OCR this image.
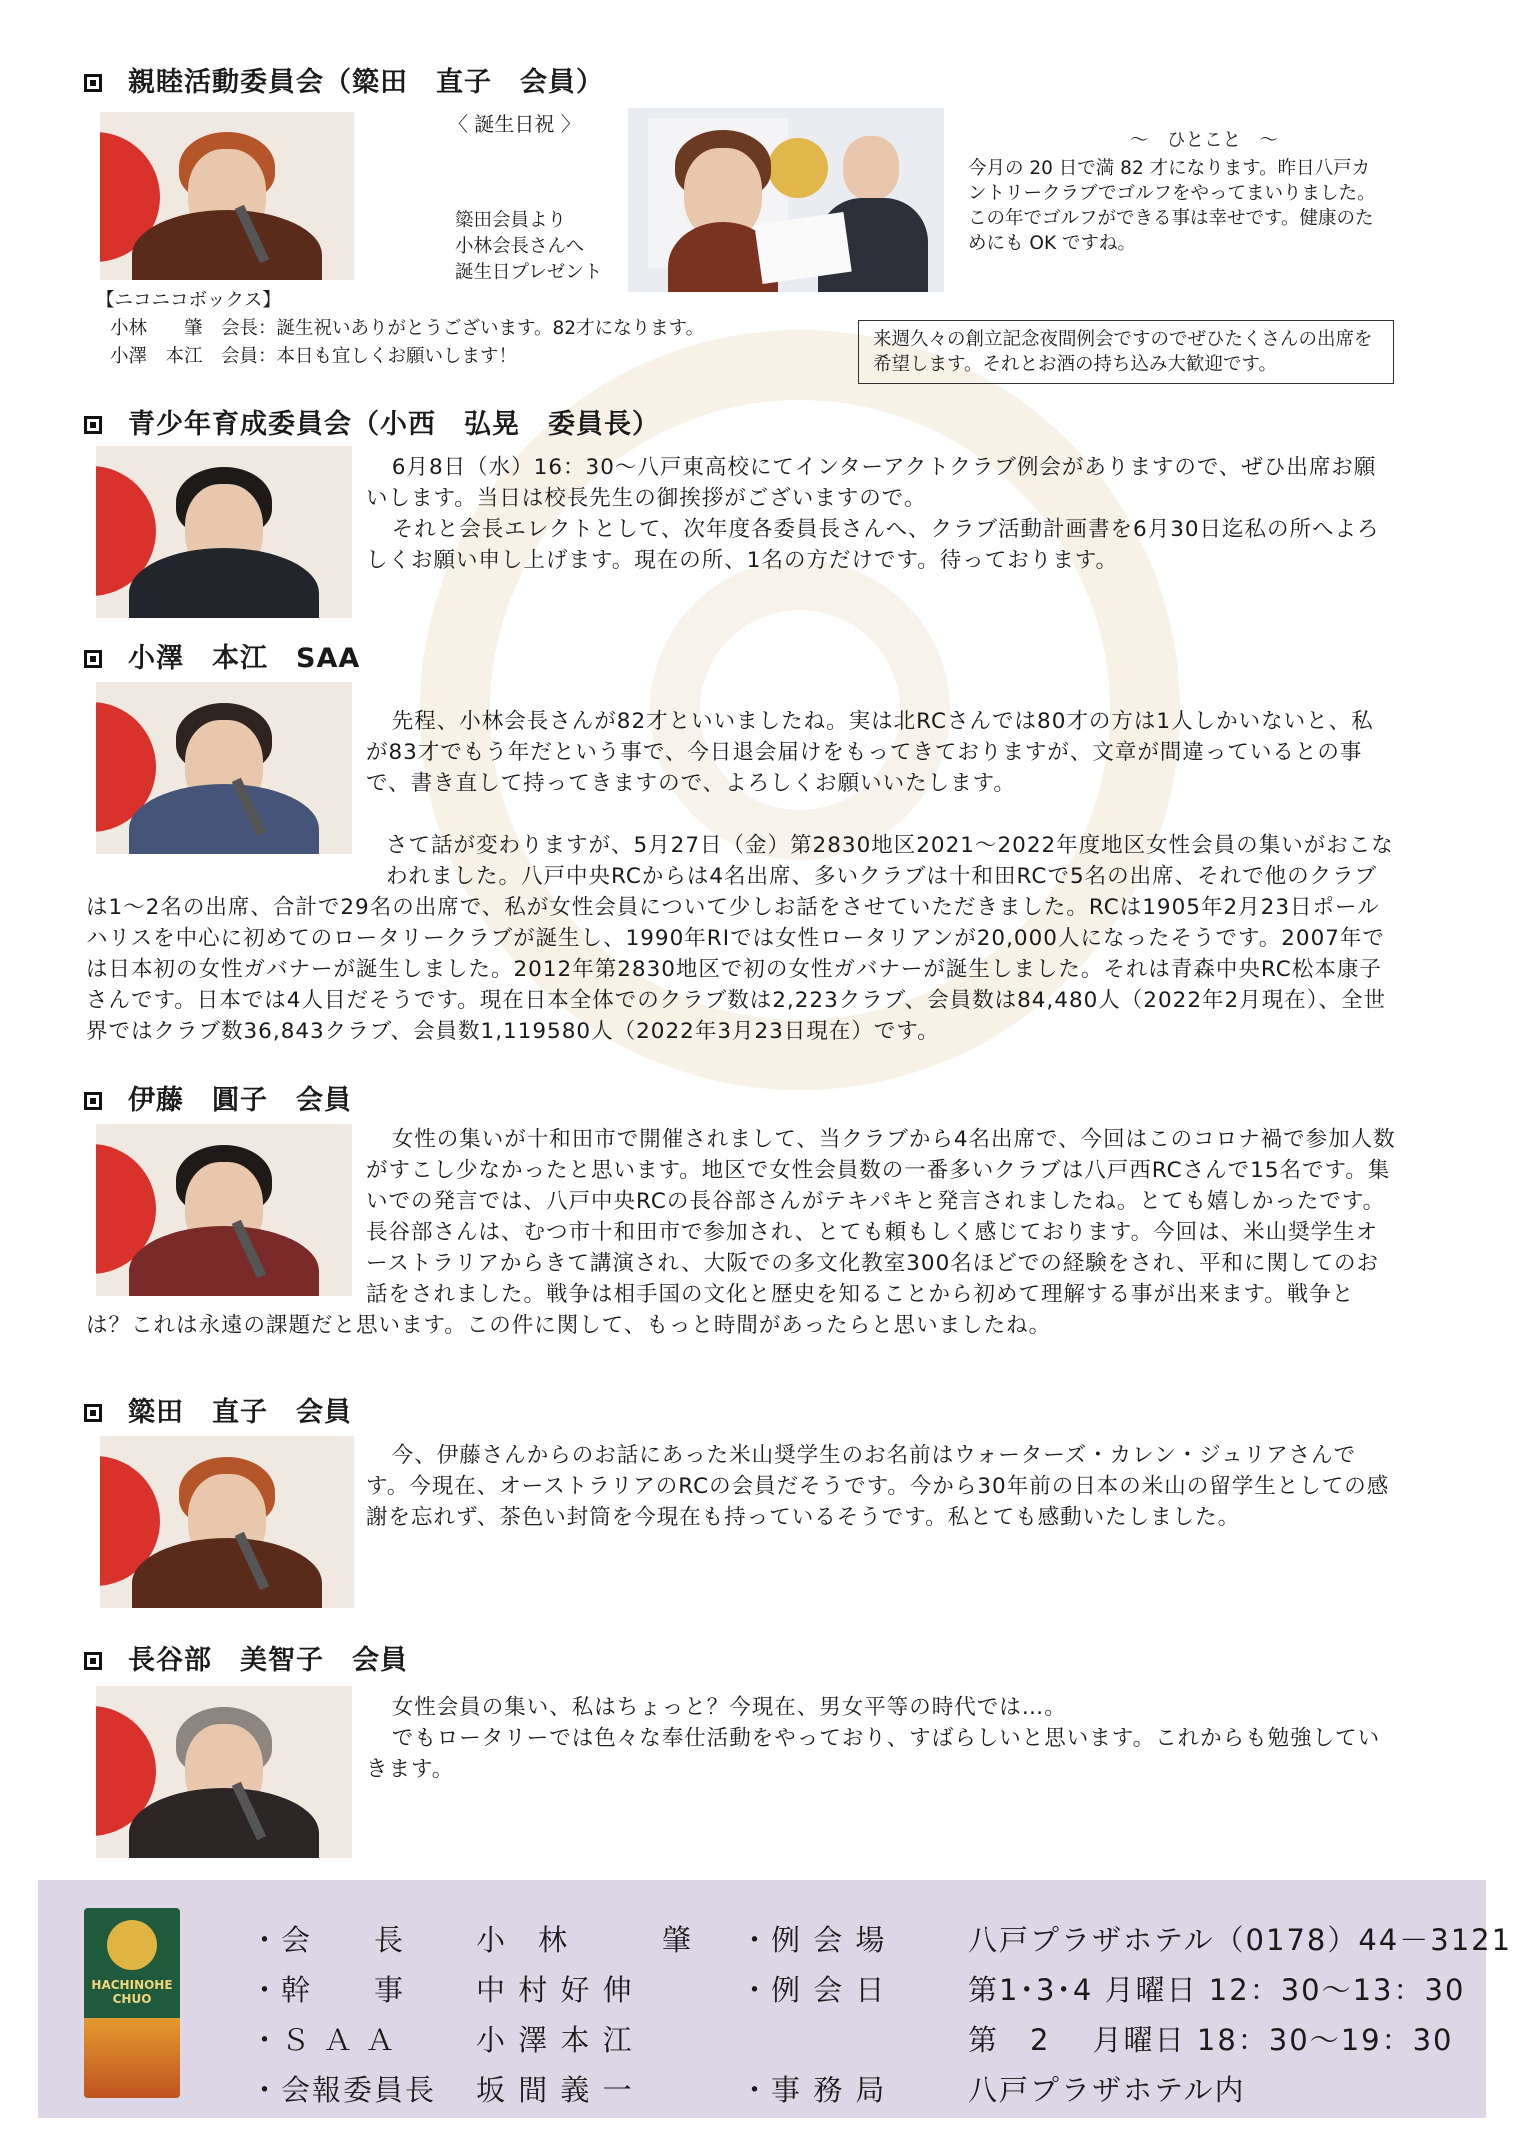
親睦活動委員会（簗田　直子　会員）
〈 誕生日祝 〉
簗田会員より
小林会長さんへ
誕生日プレゼント
～　ひとこと　～
今月の 20 日で満 82 才になります。昨日八戸カントリークラブでゴルフをやってまいりました。この年でゴルフができる事は幸せです。健康のためにも OK ですね。
【ニコニコボックス】
小林　　肇　会長：誕生祝いありがとうございます。82才になります。
小澤　本江　会員：本日も宜しくお願いします！
来週久々の創立記念夜間例会ですのでぜひたくさんの出席を希望します。それとお酒の持ち込み大歓迎です。
青少年育成委員会（小西　弘晃　委員長）

6月8日（水）16：30～八戸東高校にてインターアクトクラブ例会がありますので、ぜひ出席お願いします。当日は校長先生の御挨拶がございますので。

それと会長エレクトとして、次年度各委員長さんへ、クラブ活動計画書を6月30日迄私の所へよろしくお願い申し上げます。現在の所、1名の方だけです。待っております。

小澤　本江　SAA

先程、小林会長さんが82才といいましたね。実は北RCさんでは80才の方は1人しかいないと、私が83才でもう年だという事で、今日退会届けをもってきておりますが、文章が間違っているとの事で、書き直して持ってきますので、よろしくお願いいたします。

さて話が変わりますが、5月27日（金）第2830地区2021～2022年度地区女性会員の集いがおこなわれました。八戸中央RCからは4名出席、多いクラブは十和田RCで5名の出席、それで他のクラブは1～2名の出席、合計で29名の出席で、私が女性会員について少しお話をさせていただきました。RCは1905年2月23日ポールハリスを中心に初めてのロータリークラブが誕生し、1990年RIでは女性ロータリアンが20,000人になったそうです。2007年では日本初の女性ガバナーが誕生しました。2012年第2830地区で初の女性ガバナーが誕生しました。それは青森中央RC松本康子さんです。日本では4人目だそうです。現在日本全体でのクラブ数は2,223クラブ、会員数は84,480人（2022年2月現在）、全世界ではクラブ数36,843クラブ、会員数1,119580人（2022年3月23日現在）です。

伊藤　圓子　会員

女性の集いが十和田市で開催されまして、当クラブから4名出席で、今回はこのコロナ禍で参加人数がすこし少なかったと思います。地区で女性会員数の一番多いクラブは八戸西RCさんで15名です。集いでの発言では、八戸中央RCの長谷部さんがテキパキと発言されましたね。とても嬉しかったです。長谷部さんは、むつ市十和田市で参加され、とても頼もしく感じております。今回は、米山奨学生オーストラリアからきて講演され、大阪での多文化教室300名ほどでの経験をされ、平和に関してのお話をされました。戦争は相手国の文化と歴史を知ることから初めて理解する事が出来ます。戦争とは？これは永遠の課題だと思います。この件に関して、もっと時間があったらと思いましたね。

簗田　直子　会員

今、伊藤さんからのお話にあった米山奨学生のお名前はウォーターズ・カレン・ジュリアさんです。今現在、オーストラリアのRCの会員だそうです。今から30年前の日本の米山の留学生としての感謝を忘れず、茶色い封筒を今現在も持っているそうです。私とても感動いたしました。

長谷部　美智子　会員

女性会員の集い、私はちょっと？今現在、男女平等の時代では…。

でもロータリーでは色々な奉仕活動をやっており、すばらしいと思います。これからも勉強していきます。

HACHINOHE CHUO
・会　　長 小　林　　　肇 ・例 会 場	八戸プラザホテル（0178）44－3121
・幹　　事 中 村 好 伸	・例 会 日	第1･3･4 月曜日 12：30～13：30
・Ｓ Ａ Ａ	小 澤 本 江	第　2　 月曜日 18：30～19：30
・会報委員長 坂 間 義 一	・事 務 局	八戸プラザホテル内
